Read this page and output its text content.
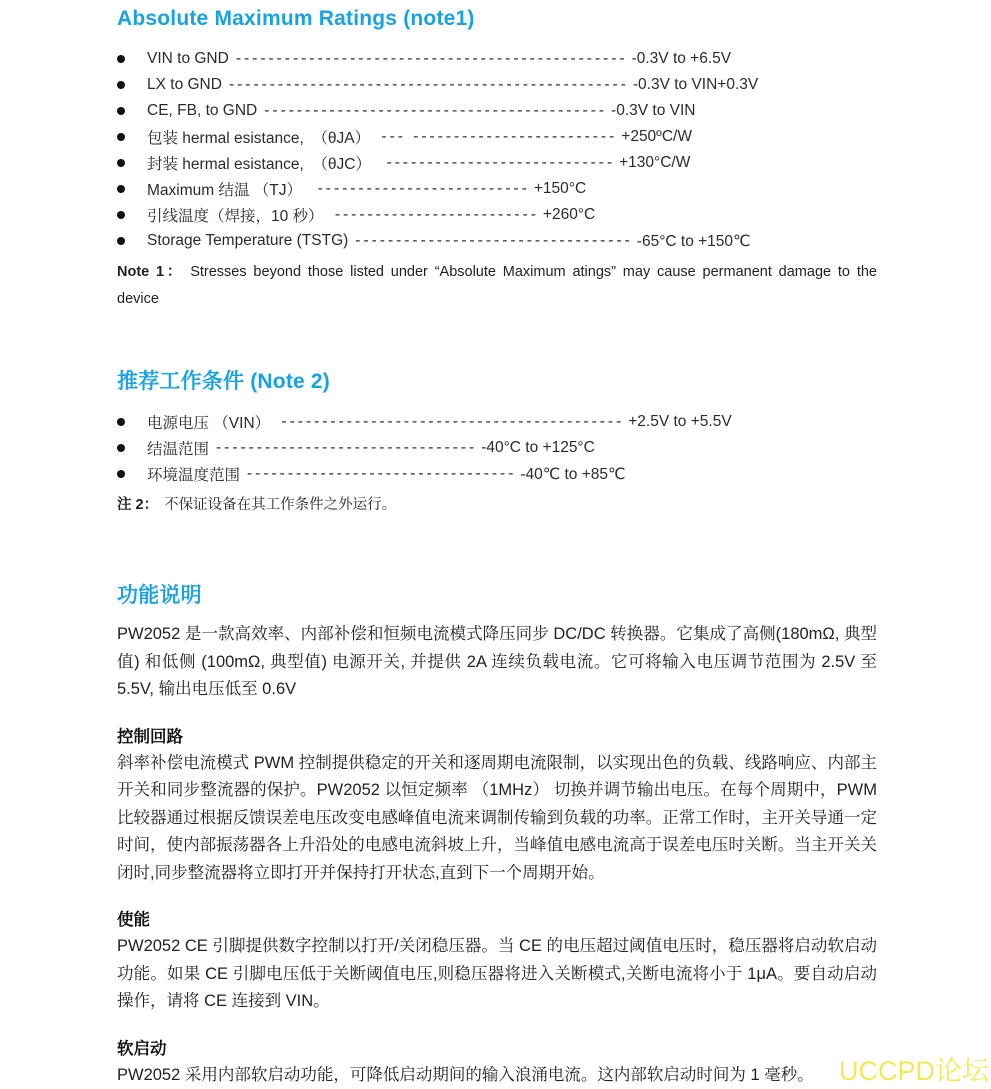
Absolute Maximum Ratings (note1)
VIN to GND ------------------------------------------------ -0.3V to +6.5V
LX to GND ------------------------------------------------- -0.3V to VIN+0.3V
CE, FB, to GND ------------------------------------------ -0.3V to VIN
包装 hermal esistance,  （θJA） --- ------------------------- +250ºC/W
封装 hermal esistance,  （θJC） ---------------------------- +130°C/W
Maximum 结温 （TJ） -------------------------- +150°C
引线温度（焊接，10 秒） ------------------------- +260°C
Storage Temperature (TSTG) ---------------------------------- -65°C to +150℃

Note 1： Stresses beyond those listed under “Absolute Maximum atings” may cause permanent damage to the device

推荐工作条件 (Note 2)
电源电压 （VIN） ------------------------------------------ +2.5V to +5.5V
结温范围 -------------------------------- -40°C to +125°C
环境温度范围 --------------------------------- -40℃ to +85℃

注 2： 不保证设备在其工作条件之外运行。

功能说明

PW2052 是一款高效率、内部补偿和恒频电流模式降压同步 DC/DC 转换器。它集成了高侧(180mΩ, 典型值) 和低侧 (100mΩ, 典型值) 电源开关, 并提供 2A 连续负载电流。它可将输入电压调节范围为 2.5V 至 5.5V, 输出电压低至 0.6V

控制回路

斜率补偿电流模式 PWM 控制提供稳定的开关和逐周期电流限制，以实现出色的负载、线路响应、内部主开关和同步整流器的保护。PW2052 以恒定频率 （1MHz） 切换并调节输出电压。在每个周期中，PWM 比较器通过根据反馈误差电压改变电感峰值电流来调制传输到负载的功率。正常工作时，主开关导通一定时间，使内部振荡器各上升沿处的电感电流斜坡上升，当峰值电感电流高于误差电压时关断。当主开关关闭时,同步整流器将立即打开并保持打开状态,直到下一个周期开始。

使能

PW2052 CE 引脚提供数字控制以打开/关闭稳压器。当 CE 的电压超过阈值电压时，稳压器将启动软启动功能。如果 CE 引脚电压低于关断阈值电压,则稳压器将进入关断模式,关断电流将小于 1μA。要自动启动操作，请将 CE 连接到 VIN。

软启动

PW2052 采用内部软启动功能，可降低启动期间的输入浪涌电流。这内部软启动时间为 1 毫秒。 UCCPD论坛
